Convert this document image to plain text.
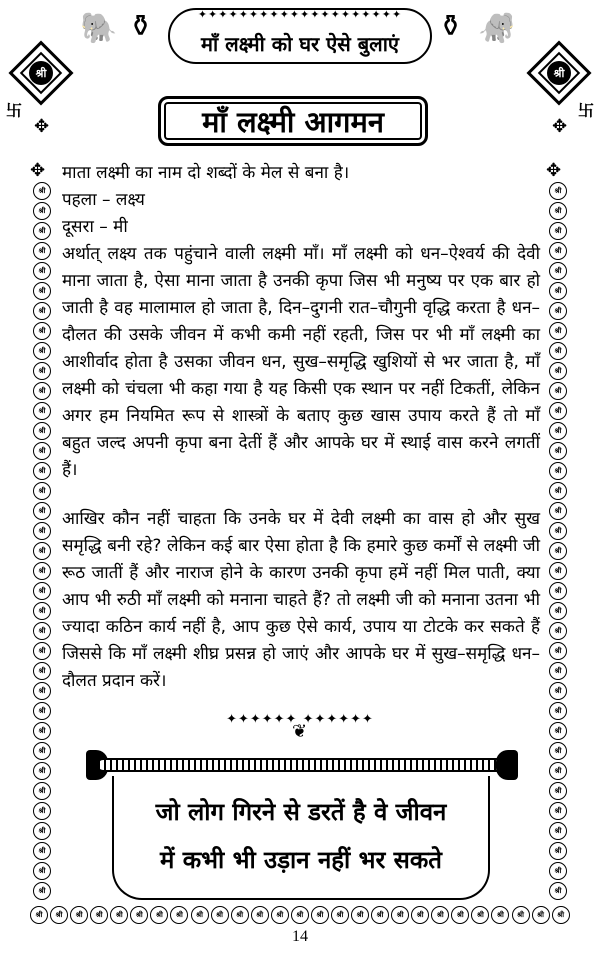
🐘 ⚱	⚱ 🐘
✦✦✦✦✦✦✦✦✦✦✦✦✦✦✦✦✦✦✦✦
माँ लक्ष्मी को घर ऐसे बुलाएं
श्री
卐
✥
श्री
卐
✥
माँ लक्ष्मी आगमन
✥	✥
श्री
श्री
श्री
श्री
श्री
श्री
श्री
श्री
श्री
श्री
श्री
श्री
श्री
श्री
श्री
श्री
श्री
श्री
श्री
श्री
श्री
श्री
श्री
श्री
श्री
श्री
श्री
श्री
श्री
श्री
श्री
श्री
श्री
श्री
श्री
श्री
श्री
श्री
श्री
श्री
श्री
श्री
श्री
श्री
श्री
श्री
श्री
श्री
श्री
श्री
श्री
श्री
श्री
श्री
श्री
श्री
श्री
श्री
श्री
श्री
श्री
श्री
श्री
श्री
श्री
श्री
श्री
श्री
श्री
श्री
श्री
श्री
श्री	श्री	श्री	श्री	श्री	श्री	श्री	श्री	श्री	श्री	श्री	श्री	श्री	श्री	श्री	श्री	श्री	श्री	श्री	श्री	श्री	श्री	श्री	श्री	श्री	श्री	श्री

माता लक्ष्मी का नाम दो शब्दों के मेल से बना है।

पहला – लक्ष्य

दूसरा – मी

अर्थात् लक्ष्य तक पहुंचाने वाली लक्ष्मी माँ। माँ लक्ष्मी को धन–ऐश्वर्य की देवी माना जाता है, ऐसा माना जाता है उनकी कृपा जिस भी मनुष्य पर एक बार हो जाती है वह मालामाल हो जाता है, दिन–दुगनी रात–चौगुनी वृद्धि करता है धन–दौलत की उसके जीवन में कभी कमी नहीं रहती, जिस पर भी माँ लक्ष्मी का आशीर्वाद होता है उसका जीवन धन, सुख–समृद्धि खुशियों से भर जाता है, माँ लक्ष्मी को चंचला भी कहा गया है यह किसी एक स्थान पर नहीं टिकतीं, लेकिन अगर हम नियमित रूप से शास्त्रों के बताए कुछ खास उपाय करते हैं तो माँ बहुत जल्द अपनी कृपा बना देतीं हैं और आपके घर में स्थाई वास करने लगतीं हैं।

आखिर कौन नहीं चाहता कि उनके घर में देवी लक्ष्मी का वास हो और सुख समृद्धि बनी रहे? लेकिन कई बार ऐसा होता है कि हमारे कुछ कर्मों से लक्ष्मी जी रूठ जातीं हैं और नाराज होने के कारण उनकी कृपा हमें नहीं मिल पाती, क्या आप भी रुठी माँ लक्ष्मी को मनाना चाहते हैं? तो लक्ष्मी जी को मनाना उतना भी ज्यादा कठिन कार्य नहीं है, आप कुछ ऐसे कार्य, उपाय या टोटके कर सकते हैं जिससे कि माँ लक्ष्मी शीघ्र प्रसन्न हो जाएं और आपके घर में सुख–समृद्धि धन–दौलत प्रदान करें।

✦✦✦✦✦✦ ✦✦✦✦✦✦
❦
जो लोग गिरने से डरतें है वे जीवन
में कभी भी उड़ान नहीं भर सकते
14
